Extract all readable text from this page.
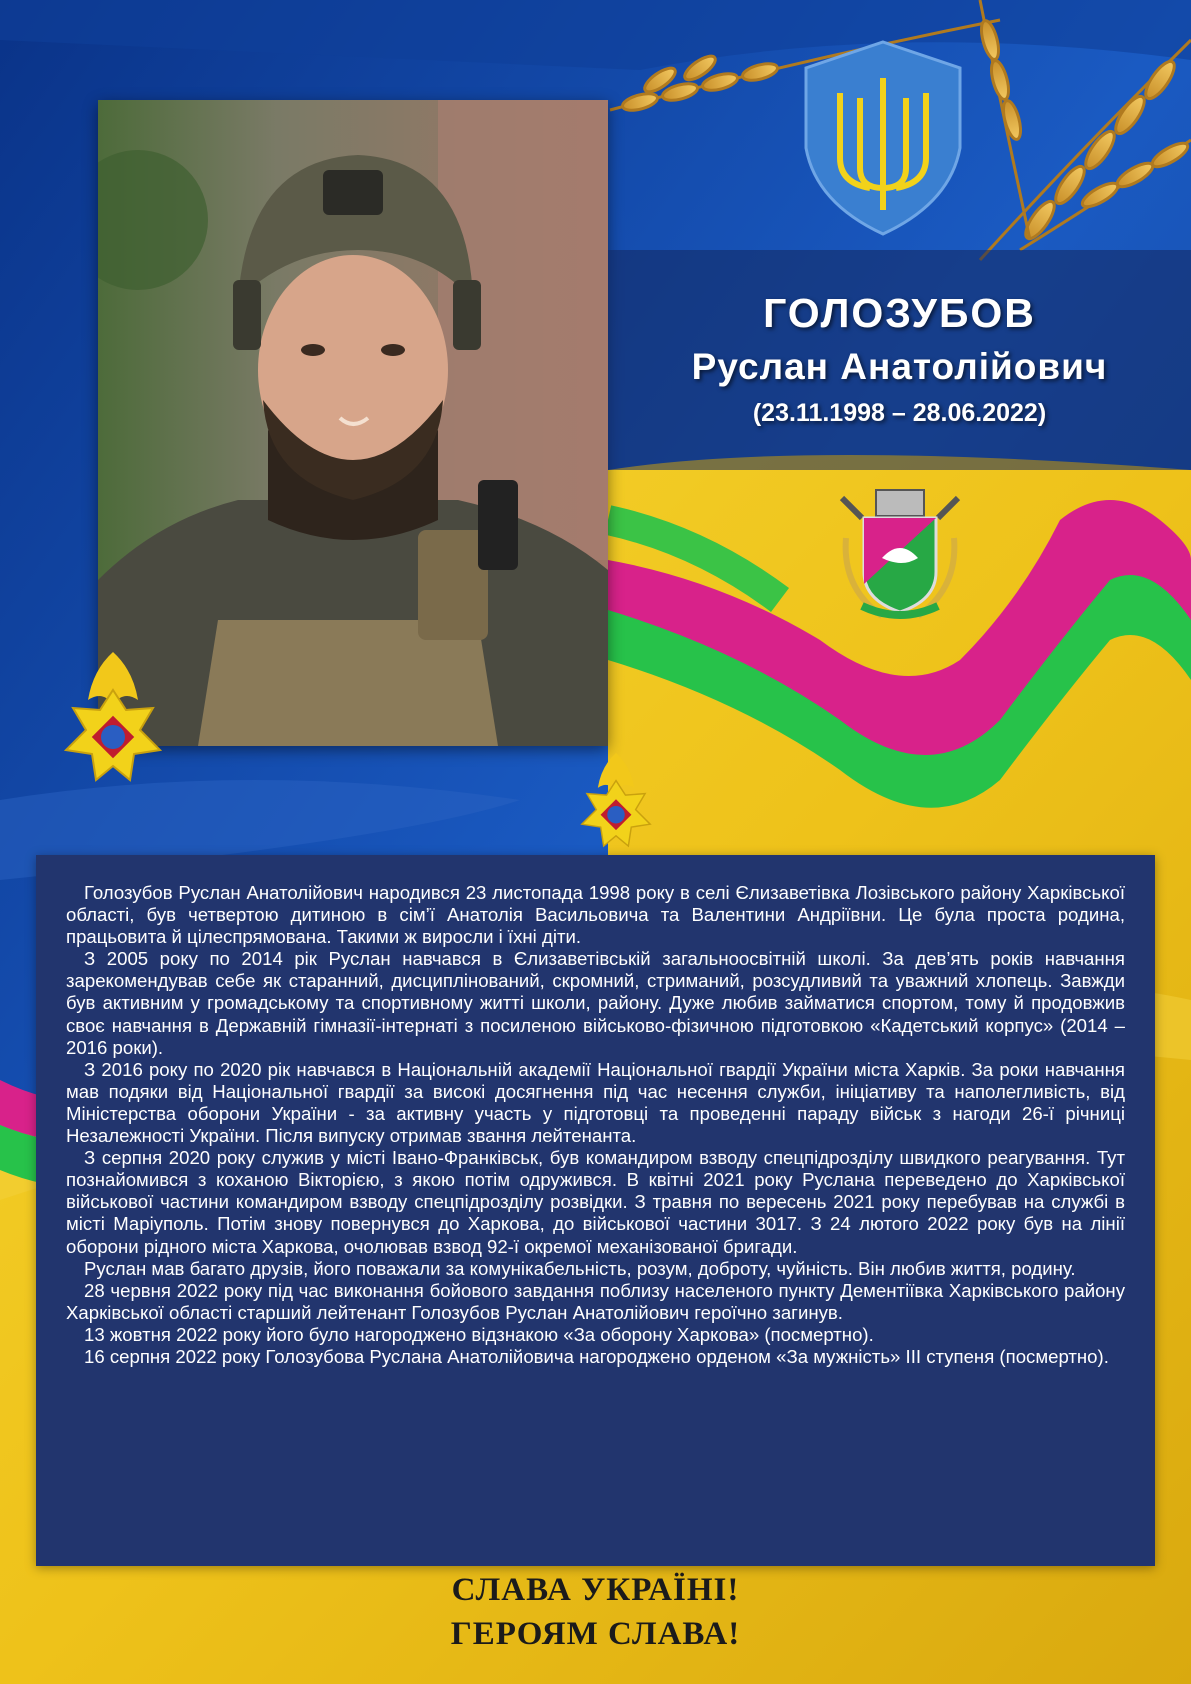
ГОЛОЗУБОВ
Руслан Анатолійович
(23.11.1998 – 28.06.2022)

Голозубов Руслан Анатолійович народився 23 листопада 1998 року в селі Єлизаветівка Лозівського району Харківської області, був четвертою дитиною в сім’ї Анатолія Васильовича та Валентини Андріївни. Це була проста родина, працьовита й цілеспрямована. Такими ж виросли і їхні діти.

З 2005 року по 2014 рік Руслан навчався в Єлизаветівській загальноосвітній школі. За дев’ять років навчання зарекомендував себе як старанний, дисциплінований, скромний, стриманий, розсудливий та уважний хлопець. Завжди був активним у громадському та спортивному житті школи, району. Дуже любив займатися спортом, тому й продовжив своє навчання в Державній гімназії-інтернаті з посиленою військово-фізичною підготовкою «Кадетський корпус» (2014 – 2016 роки).

З 2016 року по 2020 рік навчався в Національній академії Національної гвардії України міста Харків. За роки навчання мав подяки від Національної гвардії за високі досягнення під час несення служби, ініціативу та наполегливість, від Міністерства оборони України - за активну участь у підготовці та проведенні параду військ з нагоди 26-ї річниці Незалежності України. Після випуску отримав звання лейтенанта.

З серпня 2020 року служив у місті Івано-Франківськ, був командиром взводу спецпідрозділу швидкого реагування. Тут познайомився з коханою Вікторією, з якою потім одружився. В квітні 2021 року Руслана переведено до Харківської військової частини командиром взводу спецпідрозділу розвідки. З травня по вересень 2021 року перебував на службі в місті Маріуполь. Потім знову повернувся до Харкова, до військової частини 3017. З 24 лютого 2022 року був на лінії оборони рідного міста Харкова, очолював взвод 92-ї окремої механізованої бригади.

Руслан мав багато друзів, його поважали за комунікабельність, розум, доброту, чуйність. Він любив життя, родину.

28 червня 2022 року під час виконання бойового завдання поблизу населеного пункту Дементіївка Харківського району Харківської області старший лейтенант Голозубов Руслан Анатолійович героїчно загинув.

13 жовтня 2022 року його було нагороджено відзнакою «За оборону Харкова» (посмертно).

16 серпня 2022 року Голозубова Руслана Анатолійовича нагороджено орденом «За мужність» III ступеня (посмертно).

СЛАВА УКРАЇНІ!
ГЕРОЯМ СЛАВА!
